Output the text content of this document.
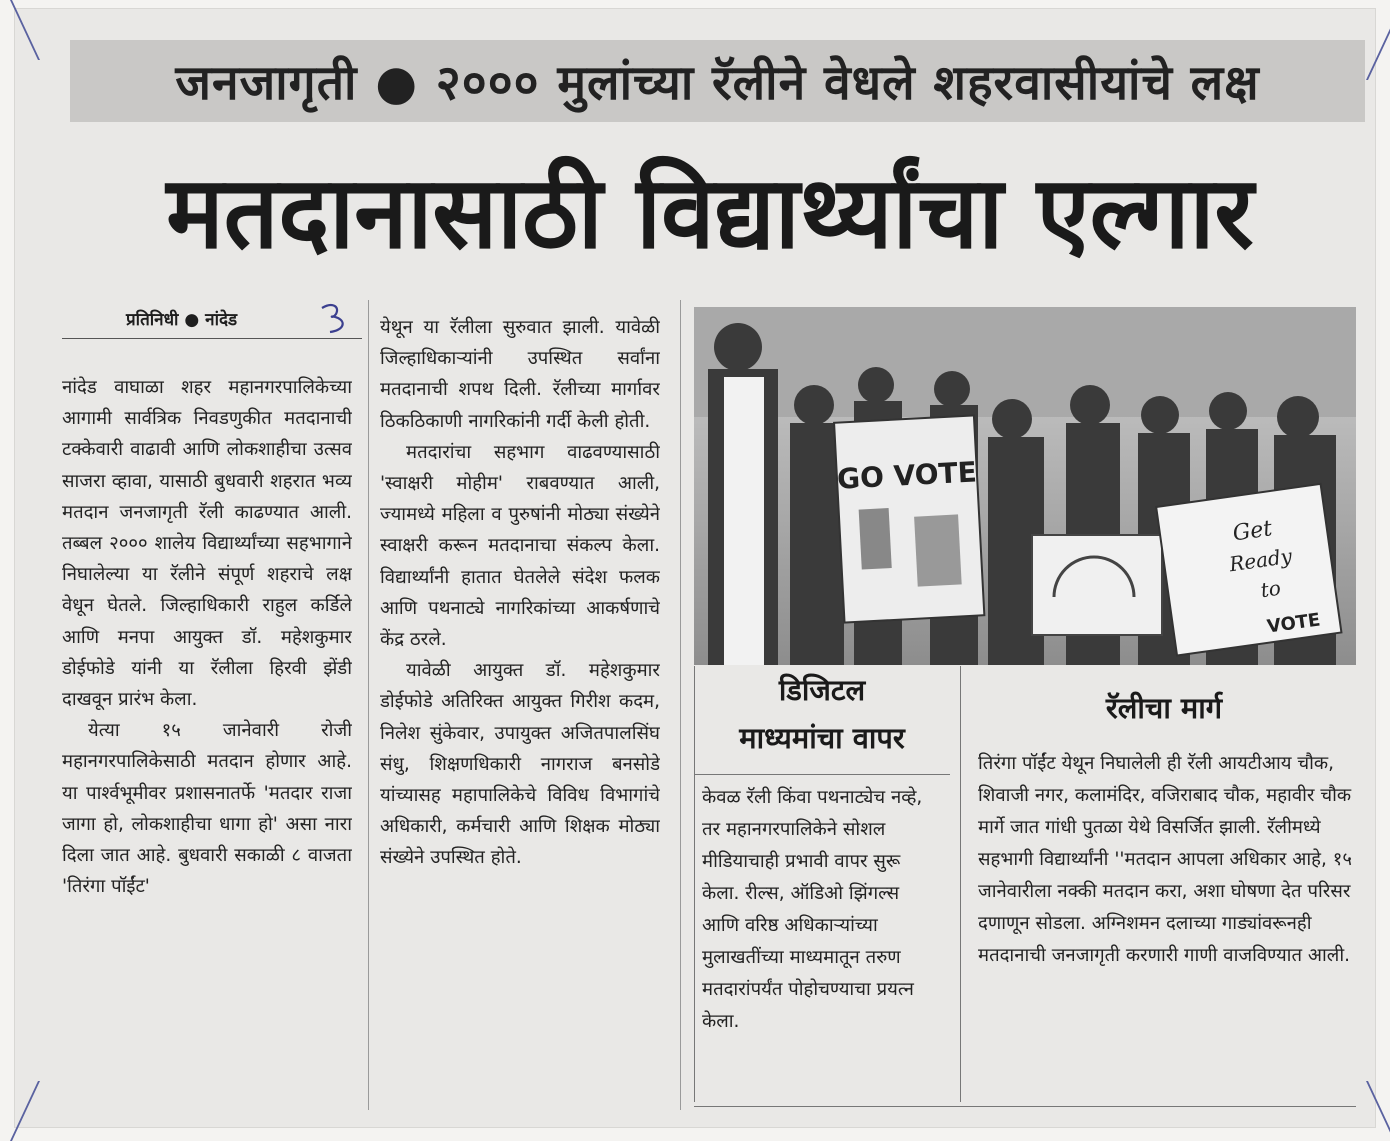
जनजागृती ● २००० मुलांच्या रॅलीने वेधले शहरवासीयांचे लक्ष
मतदानासाठी विद्यार्थ्यांचा एल्गार
प्रतिनिधी ● नांदेड

नांदेड वाघाळा शहर महानगरपालिकेच्या आगामी सार्वत्रिक निवडणुकीत मतदानाची टक्केवारी वाढावी आणि लोकशाहीचा उत्सव साजरा व्हावा, यासाठी बुधवारी शहरात भव्य मतदान जनजागृती रॅली काढण्यात आली. तब्बल २००० शालेय विद्यार्थ्यांच्या सहभागाने निघालेल्या या रॅलीने संपूर्ण शहराचे लक्ष वेधून घेतले. जिल्हाधिकारी राहुल कर्डिले आणि मनपा आयुक्त डॉ. महेशकुमार डोईफोडे यांनी या रॅलीला हिरवी झेंडी दाखवून प्रारंभ केला.

येत्या १५ जानेवारी रोजी महानगरपालिकेसाठी मतदान होणार आहे. या पार्श्वभूमीवर प्रशासनातर्फे 'मतदार राजा जागा हो, लोकशाहीचा धागा हो' असा नारा दिला जात आहे. बुधवारी सकाळी ८ वाजता 'तिरंगा पॉईंट'

येथून या रॅलीला सुरुवात झाली. यावेळी जिल्हाधिकाऱ्यांनी उपस्थित सर्वांना मतदानाची शपथ दिली. रॅलीच्या मार्गावर ठिकठिकाणी नागरिकांनी गर्दी केली होती.

मतदारांचा सहभाग वाढवण्यासाठी 'स्वाक्षरी मोहीम' राबवण्यात आली, ज्यामध्ये महिला व पुरुषांनी मोठ्या संख्येने स्वाक्षरी करून मतदानाचा संकल्प केला. विद्यार्थ्यांनी हातात घेतलेले संदेश फलक आणि पथनाट्ये नागरिकांच्या आकर्षणाचे केंद्र ठरले.

यावेळी आयुक्त डॉ. महेशकुमार डोईफोडे अतिरिक्त आयुक्त गिरीश कदम, निलेश सुंकेवार, उपायुक्त अजितपालसिंघ संधु, शिक्षणधिकारी नागराज बनसोडे यांच्यासह महापालिकेचे विविध विभागांचे अधिकारी, कर्मचारी आणि शिक्षक मोठ्या संख्येने उपस्थित होते.

GO VOTE
Get
Ready
to
VOTE
डिजिटल
माध्यमांचा वापर
केवळ रॅली किंवा पथनाट्येच नव्हे, तर महानगरपालिकेने सोशल मीडियाचाही प्रभावी वापर सुरू केला. रील्स, ऑडिओ झिंगल्स आणि वरिष्ठ अधिकाऱ्यांच्या मुलाखतींच्या माध्यमातून तरुण मतदारांपर्यंत पोहोचण्याचा प्रयत्न केला.
रॅलीचा मार्ग
तिरंगा पॉईंट येथून निघालेली ही रॅली आयटीआय चौक, शिवाजी नगर, कलामंदिर, वजिराबाद चौक, महावीर चौक मार्गे जात गांधी पुतळा येथे विसर्जित झाली. रॅलीमध्ये सहभागी विद्यार्थ्यांनी ''मतदान आपला अधिकार आहे, १५ जानेवारीला नक्की मतदान करा, अशा घोषणा देत परिसर दणाणून सोडला. अग्निशमन दलाच्या गाड्यांवरूनही मतदानाची जनजागृती करणारी गाणी वाजविण्यात आली.
